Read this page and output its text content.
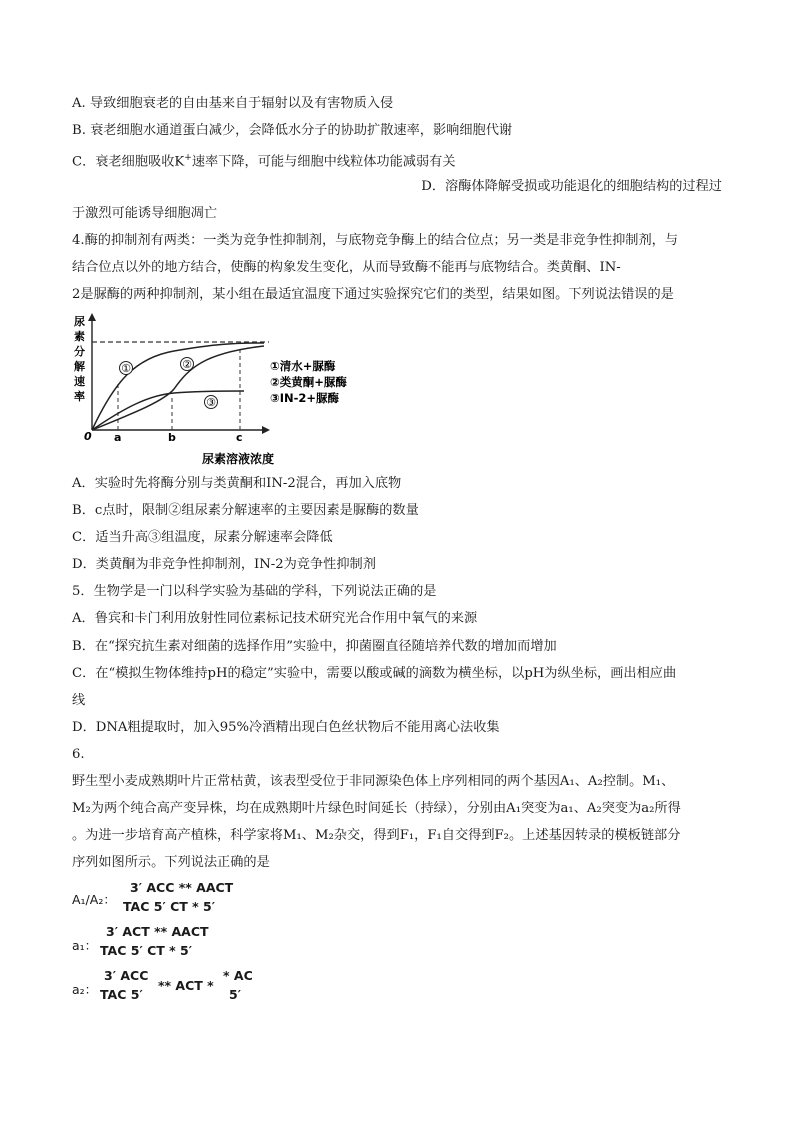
A. 导致细胞衰老的自由基来自于辐射以及有害物质入侵
B. 衰老细胞水通道蛋白减少，会降低水分子的协助扩散速率，影响细胞代谢
C．衰老细胞吸收K+速率下降，可能与细胞中线粒体功能减弱有关
D．溶酶体降解受损或功能退化的细胞结构的过程过
于激烈可能诱导细胞凋亡
4.酶的抑制剂有两类：一类为竞争性抑制剂，与底物竞争酶上的结合位点；另一类是非竞争性抑制剂，与
结合位点以外的地方结合，使酶的构象发生变化，从而导致酶不能再与底物结合。类黄酮、IN-
2是脲酶的两种抑制剂，某小组在最适宜温度下通过实验探究它们的类型，结果如图。下列说法错误的是
尿素分解速率
0 a	b	c
①	②
③
①清水+脲酶
②类黄酮+脲酶
③IN-2+脲酶
尿素溶液浓度
A．实验时先将酶分别与类黄酮和IN-2混合，再加入底物
B．c点时，限制②组尿素分解速率的主要因素是脲酶的数量
C．适当升高③组温度，尿素分解速率会降低
D．类黄酮为非竞争性抑制剂，IN-2为竞争性抑制剂
5．生物学是一门以科学实验为基础的学科，下列说法正确的是
A．鲁宾和卡门利用放射性同位素标记技术研究光合作用中氧气的来源
B．在“探究抗生素对细菌的选择作用”实验中，抑菌圈直径随培养代数的增加而增加
C．在“模拟生物体维持pH的稳定”实验中，需要以酸或碱的滴数为横坐标，以pH为纵坐标，画出相应曲
线
D．DNA粗提取时，加入95%冷酒精出现白色丝状物后不能用离心法收集
6.
野生型小麦成熟期叶片正常枯黄，该表型受位于非同源染色体上序列相同的两个基因A₁、A₂控制。M₁、
M₂为两个纯合高产变异株，均在成熟期叶片绿色时间延长（持绿），分别由A₁突变为a₁、A₂突变为a₂所得
。为进一步培育高产植株，科学家将M₁、M₂杂交，得到F₁，F₁自交得到F₂。上述基因转录的模板链部分
序列如图所示。下列说法正确的是
A₁/A₂：
3′ ACC ** AACT
TAC 5′ CT * 5′
a₁：
3′ ACT ** AACT
TAC 5′ CT * 5′
a₂：
3′ ACC	* AC
** ACT *
TAC 5′	5′
